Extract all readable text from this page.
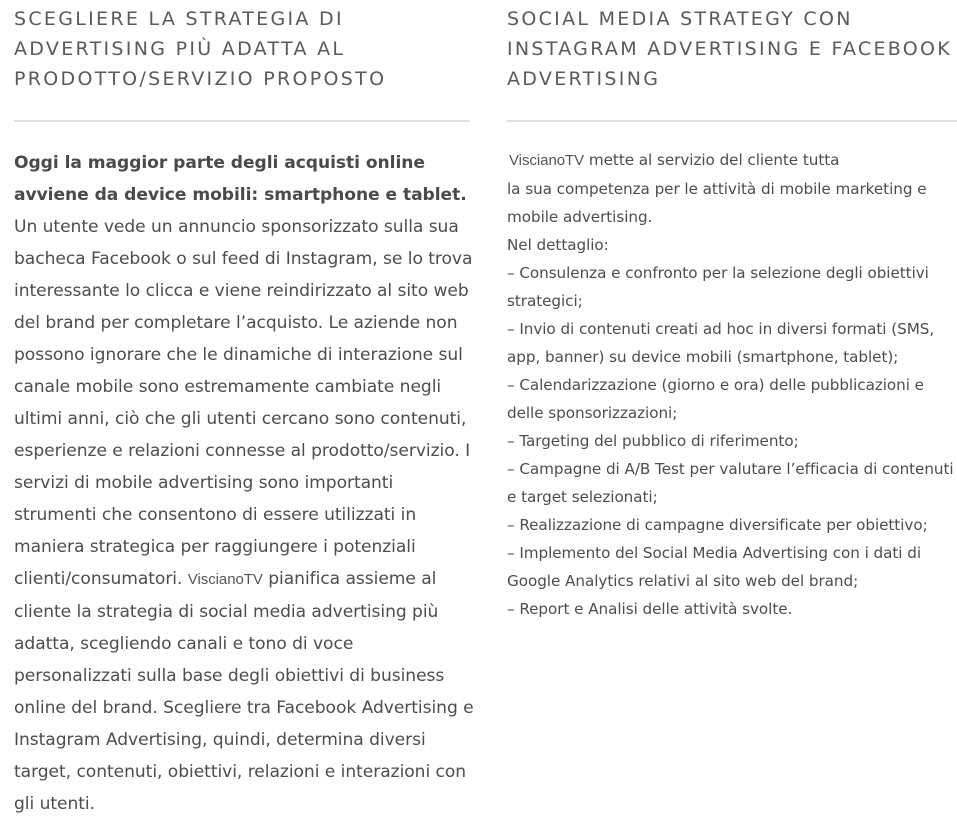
SCEGLIERE LA STRATEGIA DI
ADVERTISING PIÙ ADATTA AL
PRODOTTO/SERVIZIO PROPOSTO

Oggi la maggior parte degli acquisti online avviene da device mobili: smartphone e tablet. Un utente vede un annuncio sponsorizzato sulla sua bacheca Facebook o sul feed di Instagram, se lo trova interessante lo clicca e viene reindirizzato al sito web del brand per completare l’acquisto. Le aziende non possono ignorare che le dinamiche di interazione sul canale mobile sono estremamente cambiate negli ultimi anni, ciò che gli utenti cercano sono contenuti, esperienze e relazioni connesse al prodotto/servizio. I servizi di mobile advertising sono importanti strumenti che consentono di essere utilizzati in maniera strategica per raggiungere i potenziali clienti/consumatori. ViscianoTV pianifica assieme al cliente la strategia di social media advertising più adatta, scegliendo canali e tono di voce personalizzati sulla base degli obiettivi di business online del brand. Scegliere tra Facebook Advertising e Instagram Advertising, quindi, determina diversi target, contenuti, obiettivi, relazioni e interazioni con gli utenti.

SOCIAL MEDIA STRATEGY CON
INSTAGRAM ADVERTISING E FACEBOOK
ADVERTISING
ViscianoTV mette al servizio del cliente tutta
la sua competenza per le attività di mobile marketing e mobile advertising.
Nel dettaglio:
– Consulenza e confronto per la selezione degli obiettivi strategici;
– Invio di contenuti creati ad hoc in diversi formati (SMS, app, banner) su device mobili (smartphone, tablet);
– Calendarizzazione (giorno e ora) delle pubblicazioni e delle sponsorizzazioni;
– Targeting del pubblico di riferimento;
– Campagne di A/B Test per valutare l’efficacia di contenuti e target selezionati;
– Realizzazione di campagne diversificate per obiettivo;
– Implemento del Social Media Advertising con i dati di Google Analytics relativi al sito web del brand;
– Report e Analisi delle attività svolte.
